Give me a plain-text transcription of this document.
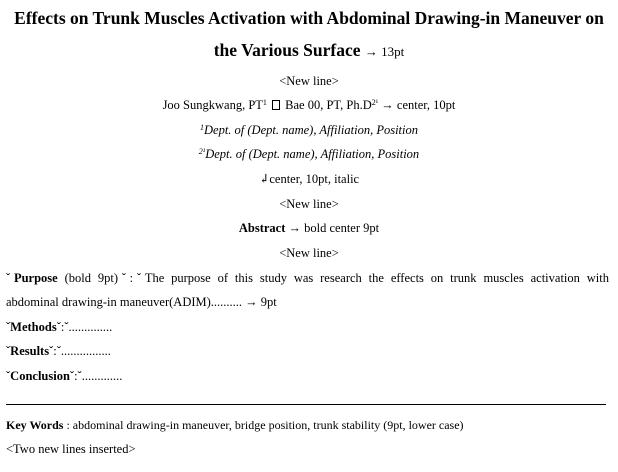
Effects on Trunk Muscles Activation with Abdominal Drawing-in Maneuver on
the Various Surface → 13pt
<New line>
Joo Sungkwang, $PT^1$ Bae 00, PT, $Ph.D^{2^1}$ → center, 10pt
$^1$Dept. of (Dept. name), Affiliation, Position
$^{2^1}$Dept. of (Dept. name), Affiliation, Position
↲center, 10pt, italic
<New line>
Abstract → bold center 9pt
<New line>
ˇPurpose (bold 9pt)ˇ:ˇThe purpose of this study was research the effects on trunk muscles activation with
abdominal drawing-in maneuver(ADIM).......... → 9pt
ˇMethodsˇ:ˇ..............
ˇResultsˇ:ˇ................
ˇConclusionˇ:ˇ.............
Key Words : abdominal drawing-in maneuver, bridge position, trunk stability (9pt, lower case)
<Two new lines inserted>
